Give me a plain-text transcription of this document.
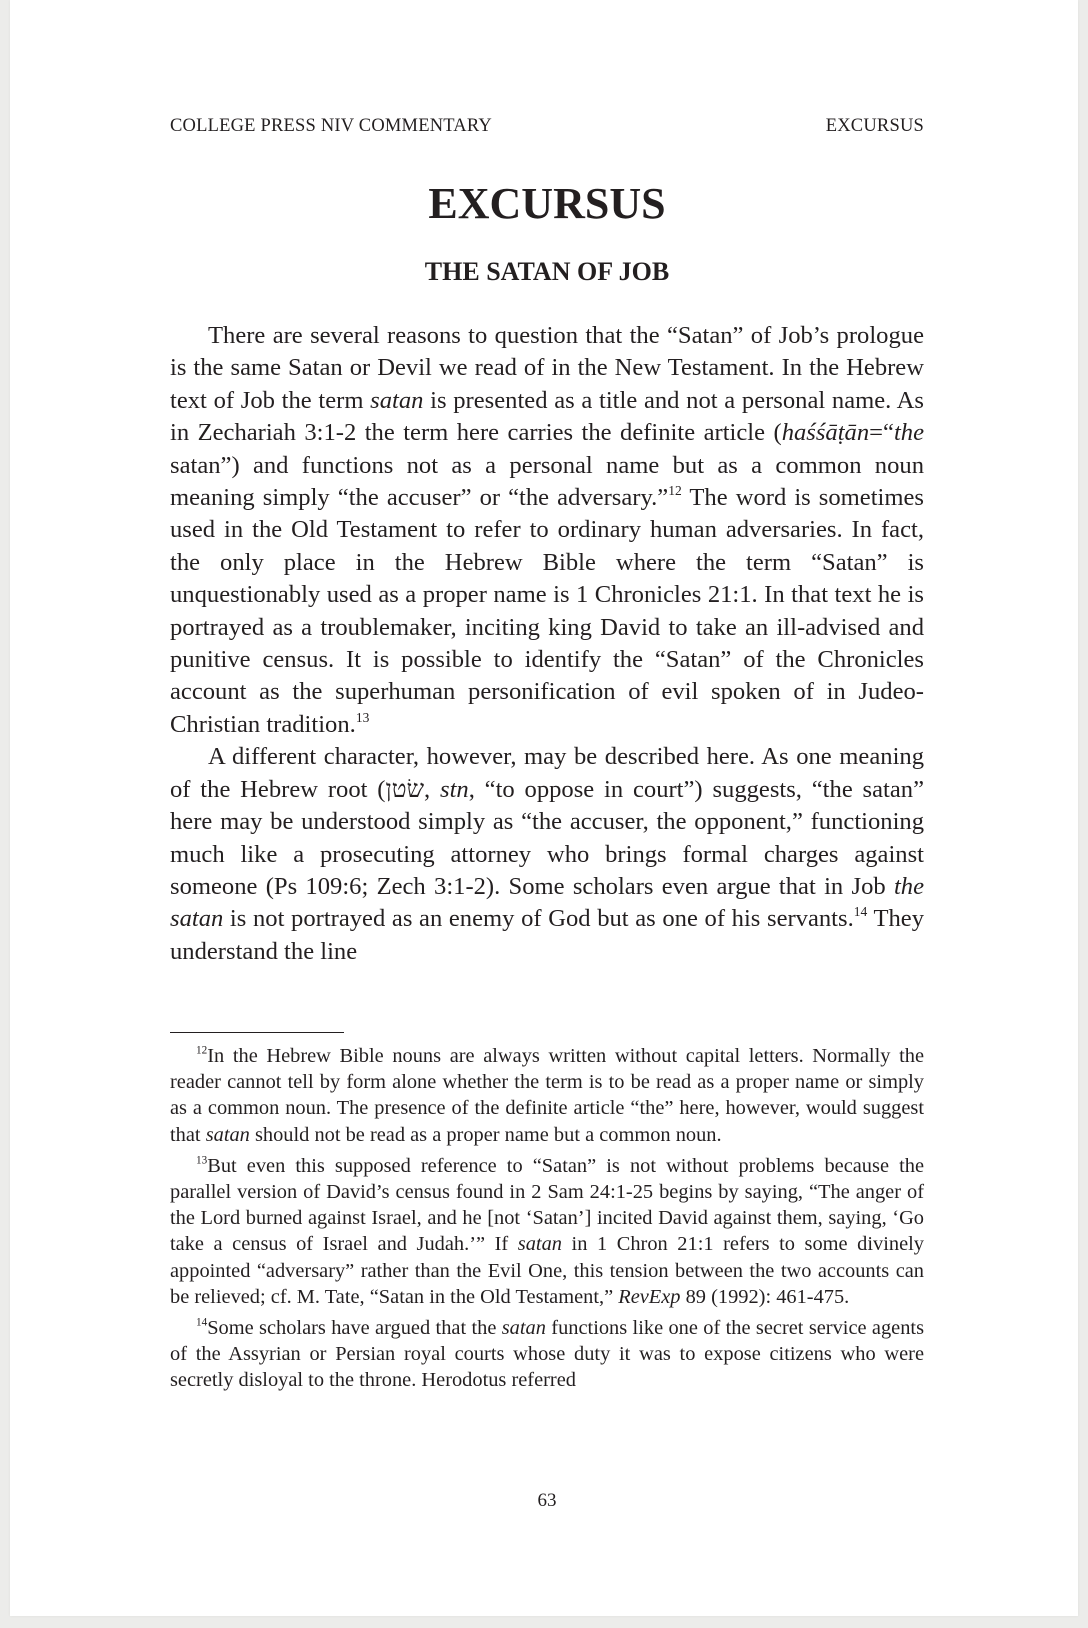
COLLEGE PRESS NIV COMMENTARY	EXCURSUS
EXCURSUS
THE SATAN OF JOB

There are several reasons to question that the “Satan” of Job’s prologue is the same Satan or Devil we read of in the New Testament. In the Hebrew text of Job the term satan is presented as a title and not a personal name. As in Zechariah 3:1-2 the term here carries the definite article (haśśāṭān=“the satan”) and functions not as a personal name but as a common noun meaning simply “the accuser” or “the adversary.”$^{12}$ The word is sometimes used in the Old Testament to refer to ordinary human adversaries. In fact, the only place in the Hebrew Bible where the term “Satan” is unquestionably used as a proper name is 1 Chronicles 21:1. In that text he is portrayed as a troublemaker, inciting king David to take an ill-advised and punitive census. It is possible to identify the “Satan” of the Chronicles account as the superhuman personification of evil spoken of in Judeo-Christian tradition.$^{13}$

A different character, however, may be described here. As one meaning of the Hebrew root (שׂטן, stn, “to oppose in court”) suggests, “the satan” here may be understood simply as “the accuser, the opponent,” functioning much like a prosecuting attorney who brings formal charges against someone (Ps 109:6; Zech 3:1-2). Some scholars even argue that in Job the satan is not portrayed as an enemy of God but as one of his servants.$^{14}$ They understand the line

$^{12}$In the Hebrew Bible nouns are always written without capital letters. Normally the reader cannot tell by form alone whether the term is to be read as a proper name or simply as a common noun. The presence of the definite article “the” here, however, would suggest that satan should not be read as a proper name but a common noun.

$^{13}$But even this supposed reference to “Satan” is not without problems because the parallel version of David’s census found in 2 Sam 24:1-25 begins by saying, “The anger of the Lord burned against Israel, and he [not ‘Satan’] incited David against them, saying, ‘Go take a census of Israel and Judah.’” If satan in 1 Chron 21:1 refers to some divinely appointed “adversary” rather than the Evil One, this tension between the two accounts can be relieved; cf. M. Tate, “Satan in the Old Testament,” RevExp 89 (1992): 461-475.

$^{14}$Some scholars have argued that the satan functions like one of the secret service agents of the Assyrian or Persian royal courts whose duty it was to expose citizens who were secretly disloyal to the throne. Herodotus referred

63
